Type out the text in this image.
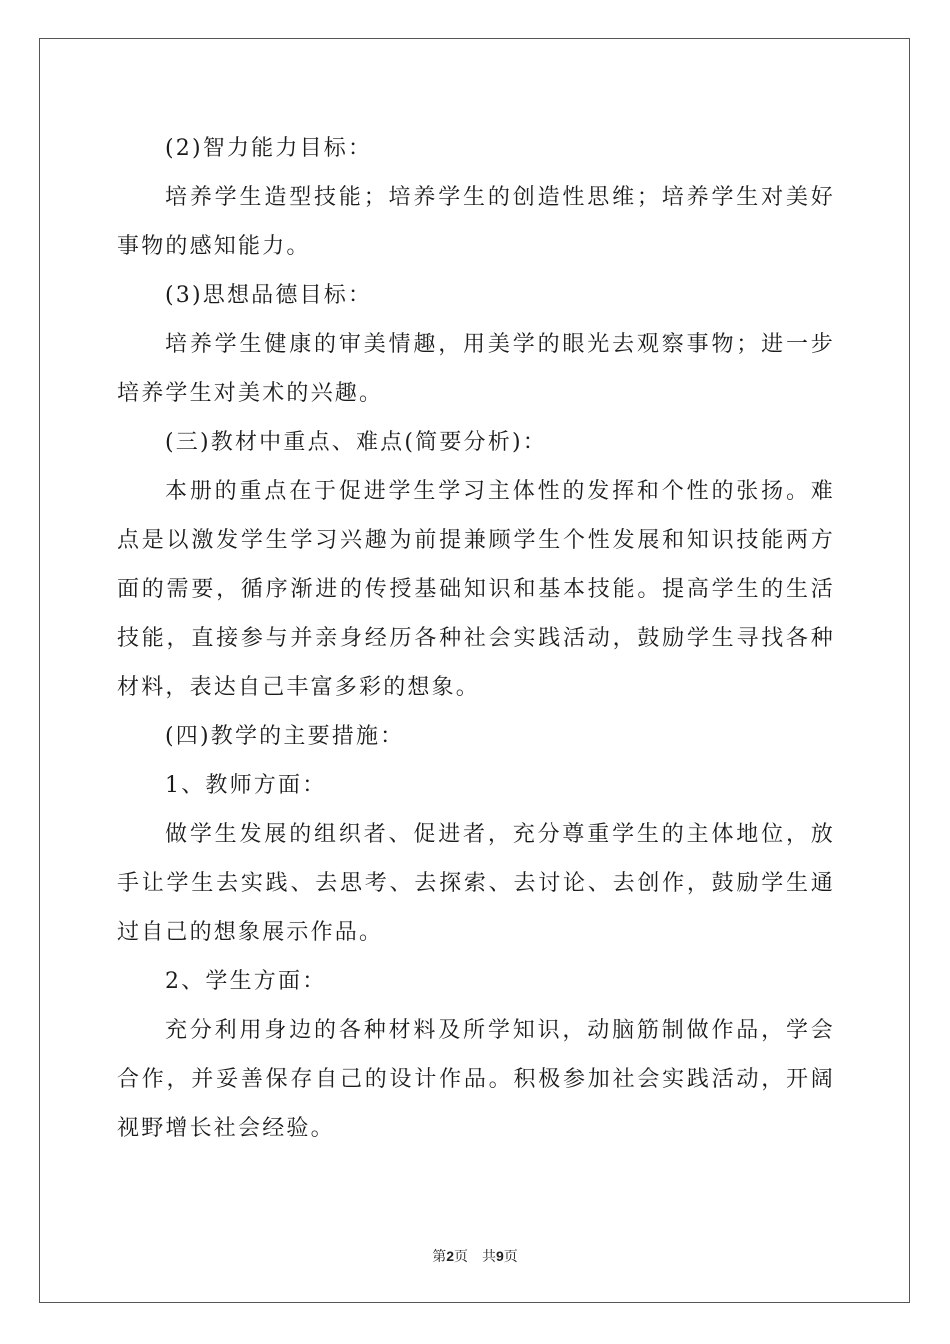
(2)智力能力目标：

培养学生造型技能；培养学生的创造性思维；培养学生对美好事物的感知能力。

(3)思想品德目标：

培养学生健康的审美情趣，用美学的眼光去观察事物；进一步培养学生对美术的兴趣。

(三)教材中重点、难点(简要分析)：

本册的重点在于促进学生学习主体性的发挥和个性的张扬。难点是以激发学生学习兴趣为前提兼顾学生个性发展和知识技能两方面的需要，循序渐进的传授基础知识和基本技能。提高学生的生活技能，直接参与并亲身经历各种社会实践活动，鼓励学生寻找各种材料，表达自己丰富多彩的想象。

(四)教学的主要措施：

1、教师方面：

做学生发展的组织者、促进者，充分尊重学生的主体地位，放手让学生去实践、去思考、去探索、去讨论、去创作，鼓励学生通过自己的想象展示作品。

2、学生方面：

充分利用身边的各种材料及所学知识，动脑筋制做作品，学会合作，并妥善保存自己的设计作品。积极参加社会实践活动，开阔视野增长社会经验。

第2页　共9页
